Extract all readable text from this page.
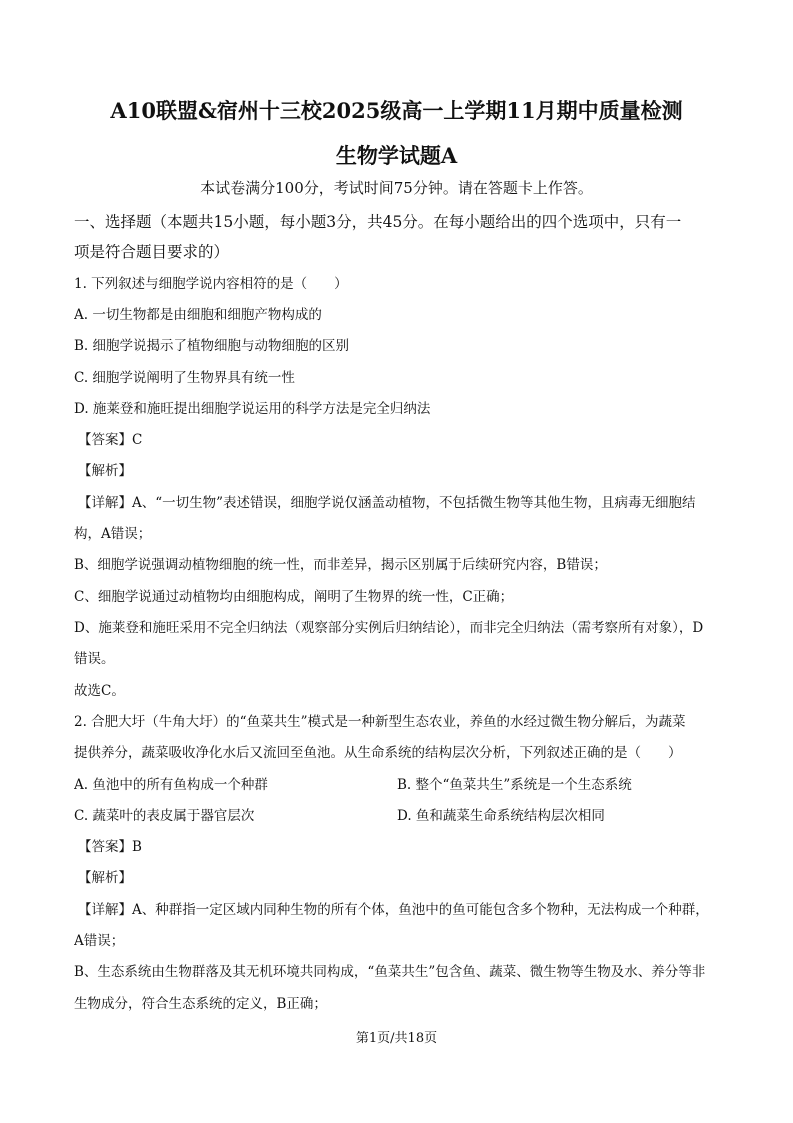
A10联盟&宿州十三校2025级高一上学期11月期中质量检测
生物学试题A
本试卷满分100分，考试时间75分钟。请在答题卡上作答。
一、选择题（本题共15小题，每小题3分，共45分。在每小题给出的四个选项中，只有一
项是符合题目要求的）
1. 下列叙述与细胞学说内容相符的是（　　）
A. 一切生物都是由细胞和细胞产物构成的
B. 细胞学说揭示了植物细胞与动物细胞的区别
C. 细胞学说阐明了生物界具有统一性
D. 施莱登和施旺提出细胞学说运用的科学方法是完全归纳法
【答案】C
【解析】
【详解】A、“一切生物”表述错误，细胞学说仅涵盖动植物，不包括微生物等其他生物，且病毒无细胞结
构，A错误；
B、细胞学说强调动植物细胞的统一性，而非差异，揭示区别属于后续研究内容，B错误；
C、细胞学说通过动植物均由细胞构成，阐明了生物界的统一性，C正确；
D、施莱登和施旺采用不完全归纳法（观察部分实例后归纳结论），而非完全归纳法（需考察所有对象），D
错误。
故选C。
2. 合肥大圩（牛角大圩）的“鱼菜共生”模式是一种新型生态农业，养鱼的水经过微生物分解后，为蔬菜
提供养分，蔬菜吸收净化水后又流回至鱼池。从生命系统的结构层次分析，下列叙述正确的是（　　）
A. 鱼池中的所有鱼构成一个种群	B. 整个“鱼菜共生”系统是一个生态系统
C. 蔬菜叶的表皮属于器官层次	D. 鱼和蔬菜生命系统结构层次相同
【答案】B
【解析】
【详解】A、种群指一定区域内同种生物的所有个体，鱼池中的鱼可能包含多个物种，无法构成一个种群，
A错误；
B、生态系统由生物群落及其无机环境共同构成，“鱼菜共生”包含鱼、蔬菜、微生物等生物及水、养分等非
生物成分，符合生态系统的定义，B正确；
第1页/共18页
